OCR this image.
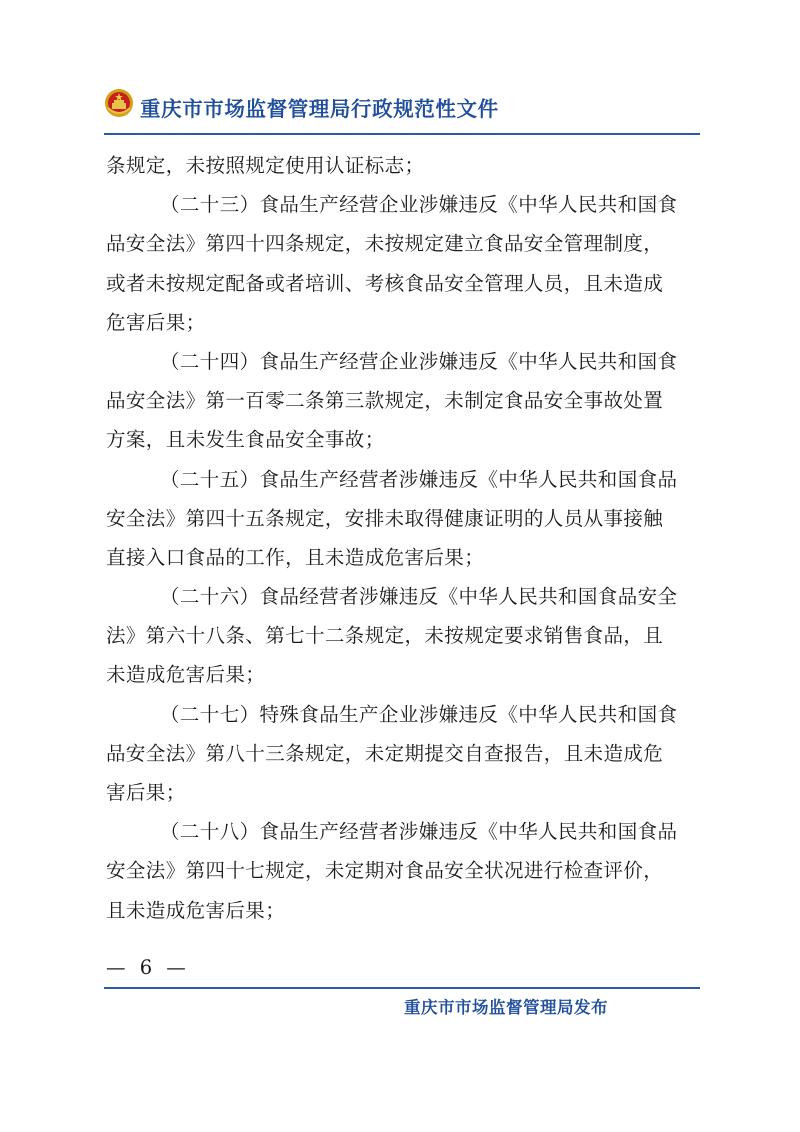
重庆市市场监督管理局行政规范性文件
条规定，未按照规定使用认证标志；
（二十三）食品生产经营企业涉嫌违反《中华人民共和国食
品安全法》第四十四条规定，未按规定建立食品安全管理制度，
或者未按规定配备或者培训、考核食品安全管理人员，且未造成
危害后果；
（二十四）食品生产经营企业涉嫌违反《中华人民共和国食
品安全法》第一百零二条第三款规定，未制定食品安全事故处置
方案，且未发生食品安全事故；
（二十五）食品生产经营者涉嫌违反《中华人民共和国食品
安全法》第四十五条规定，安排未取得健康证明的人员从事接触
直接入口食品的工作，且未造成危害后果；
（二十六）食品经营者涉嫌违反《中华人民共和国食品安全
法》第六十八条、第七十二条规定，未按规定要求销售食品，且
未造成危害后果；
（二十七）特殊食品生产企业涉嫌违反《中华人民共和国食
品安全法》第八十三条规定，未定期提交自查报告，且未造成危
害后果；
（二十八）食品生产经营者涉嫌违反《中华人民共和国食品
安全法》第四十七规定，未定期对食品安全状况进行检查评价，
且未造成危害后果；
— 6 —
重庆市市场监督管理局发布
